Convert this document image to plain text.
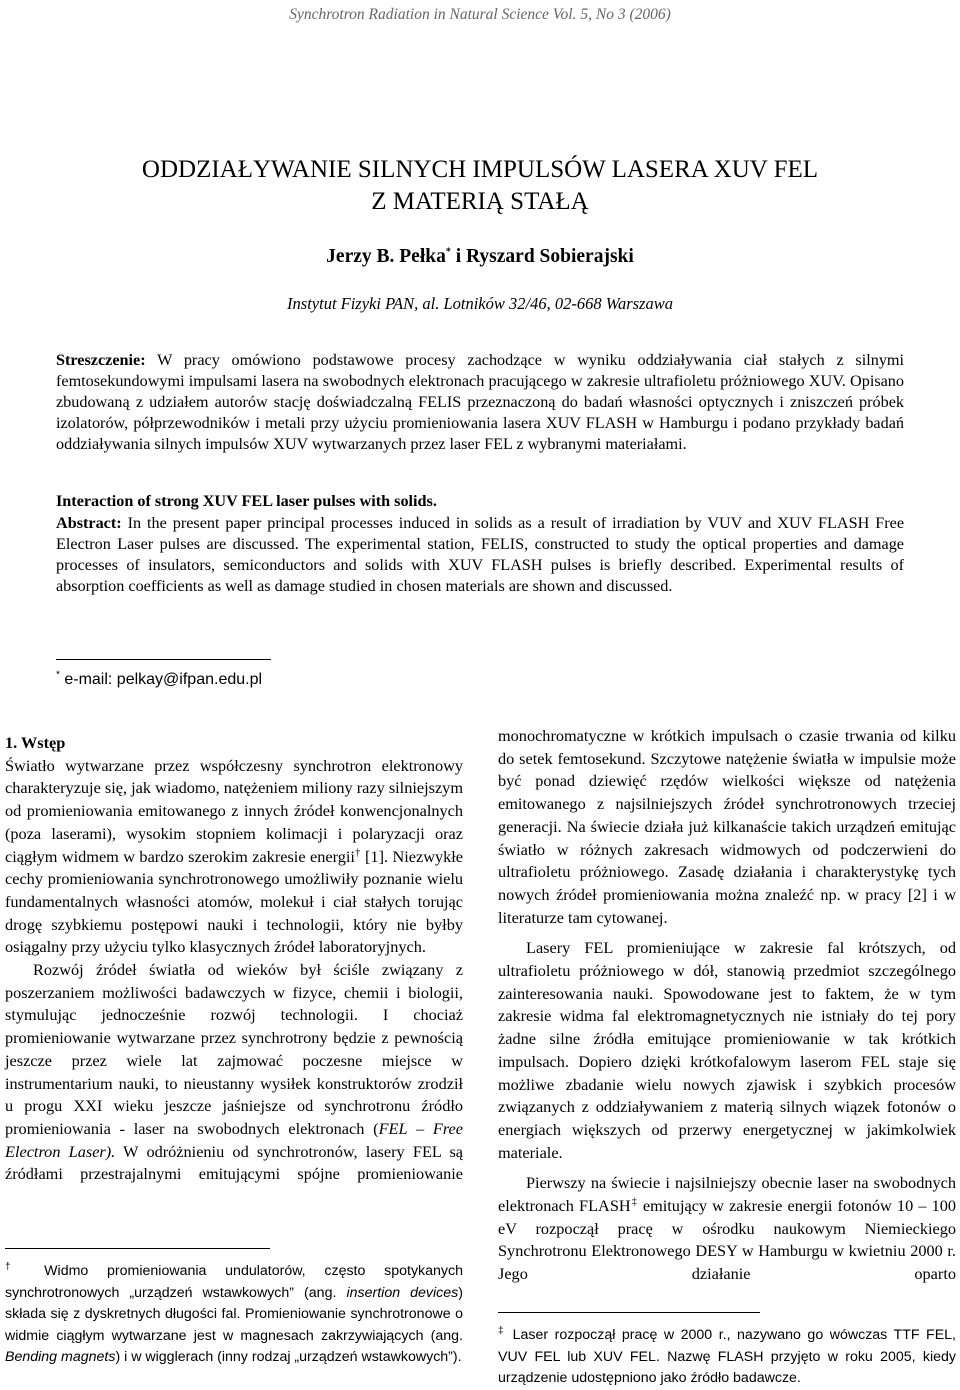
Synchrotron Radiation in Natural Science Vol. 5, No 3 (2006)
ODDZIAŁYWANIE SILNYCH IMPULSÓW LASERA XUV FEL
Z MATERIĄ STAŁĄ
Jerzy B. Pełka* i Ryszard Sobierajski
Instytut Fizyki PAN, al. Lotników 32/46, 02-668 Warszawa
Streszczenie: W pracy omówiono podstawowe procesy zachodzące w wyniku oddziaływania ciał stałych z silnymi femtosekundowymi impulsami lasera na swobodnych elektronach pracującego w zakresie ultrafioletu próżniowego XUV. Opisano zbudowaną z udziałem autorów stację doświadczalną FELIS przeznaczoną do badań własności optycznych i zniszczeń próbek izolatorów, półprzewodników i metali przy użyciu promieniowania lasera XUV FLASH w Hamburgu i podano przykłady badań oddziaływania silnych impulsów XUV wytwarzanych przez laser FEL z wybranymi materiałami.
Interaction of strong XUV FEL laser pulses with solids.
Abstract: In the present paper principal processes induced in solids as a result of irradiation by VUV and XUV FLASH Free Electron Laser pulses are discussed. The experimental station, FELIS, constructed to study the optical properties and damage processes of insulators, semiconductors and solids with XUV FLASH pulses is briefly described. Experimental results of absorption coefficients as well as damage studied in chosen materials are shown and discussed.
* e-mail: pelkay@ifpan.edu.pl

1. Wstęp

Światło wytwarzane przez współczesny synchrotron elektronowy charakteryzuje się, jak wiadomo, natężeniem miliony razy silniejszym od promieniowania emitowanego z innych źródeł konwencjonalnych (poza laserami), wysokim stopniem kolimacji i polaryzacji oraz ciągłym widmem w bardzo szerokim zakresie energii† [1]. Niezwykłe cechy promieniowania synchrotronowego umożliwiły poznanie wielu fundamentalnych własności atomów, molekuł i ciał stałych torując drogę szybkiemu postępowi nauki i technologii, który nie byłby osiągalny przy użyciu tylko klasycznych źródeł laboratoryjnych.

Rozwój źródeł światła od wieków był ściśle związany z poszerzaniem możliwości badawczych w fizyce, chemii i biologii, stymulując jednocześnie rozwój technologii. I chociaż promieniowanie wytwarzane przez synchrotrony będzie z pewnością jeszcze przez wiele lat zajmować poczesne miejsce w instrumentarium nauki, to nieustanny wysiłek konstruktorów zrodził u progu XXI wieku jeszcze jaśniejsze od synchrotronu źródło promieniowania - laser na swobodnych elektronach (FEL – Free Electron Laser). W odróżnieniu od synchrotronów, lasery FEL są źródłami przestrajalnymi emitującymi spójne promieniowanie

† Widmo promieniowania undulatorów, często spotykanych synchrotronowych „urządzeń wstawkowych” (ang. insertion devices) składa się z dyskretnych długości fal. Promieniowanie synchrotronowe o widmie ciągłym wytwarzane jest w magnesach zakrzywiających (ang. Bending magnets) i w wigglerach (inny rodzaj „urządzeń wstawkowych”).

monochromatyczne w krótkich impulsach o czasie trwania od kilku do setek femtosekund. Szczytowe natężenie światła w impulsie może być ponad dziewięć rzędów wielkości większe od natężenia emitowanego z najsilniejszych źródeł synchrotronowych trzeciej generacji. Na świecie działa już kilkanaście takich urządzeń emitując światło w różnych zakresach widmowych od podczerwieni do ultrafioletu próżniowego. Zasadę działania i charakterystykę tych nowych źródeł promieniowania można znaleźć np. w pracy [2] i w literaturze tam cytowanej.

Lasery FEL promieniujące w zakresie fal krótszych, od ultrafioletu próżniowego w dół, stanowią przedmiot szczególnego zainteresowania nauki. Spowodowane jest to faktem, że w tym zakresie widma fal elektromagnetycznych nie istniały do tej pory żadne silne źródła emitujące promieniowanie w tak krótkich impulsach. Dopiero dzięki krótkofalowym laserom FEL staje się możliwe zbadanie wielu nowych zjawisk i szybkich procesów związanych z oddziaływaniem z materią silnych wiązek fotonów o energiach większych od przerwy energetycznej w jakimkolwiek materiale.

Pierwszy na świecie i najsilniejszy obecnie laser na swobodnych elektronach FLASH‡ emitujący w zakresie energii fotonów 10 – 100 eV rozpoczął pracę w ośrodku naukowym Niemieckiego Synchrotronu Elektronowego DESY w Hamburgu w kwietniu 2000 r. Jego działanie oparto

‡ Laser rozpoczął pracę w 2000 r., nazywano go wówczas TTF FEL, VUV FEL lub XUV FEL. Nazwę FLASH przyjęto w roku 2005, kiedy urządzenie udostępniono jako źródło badawcze.
